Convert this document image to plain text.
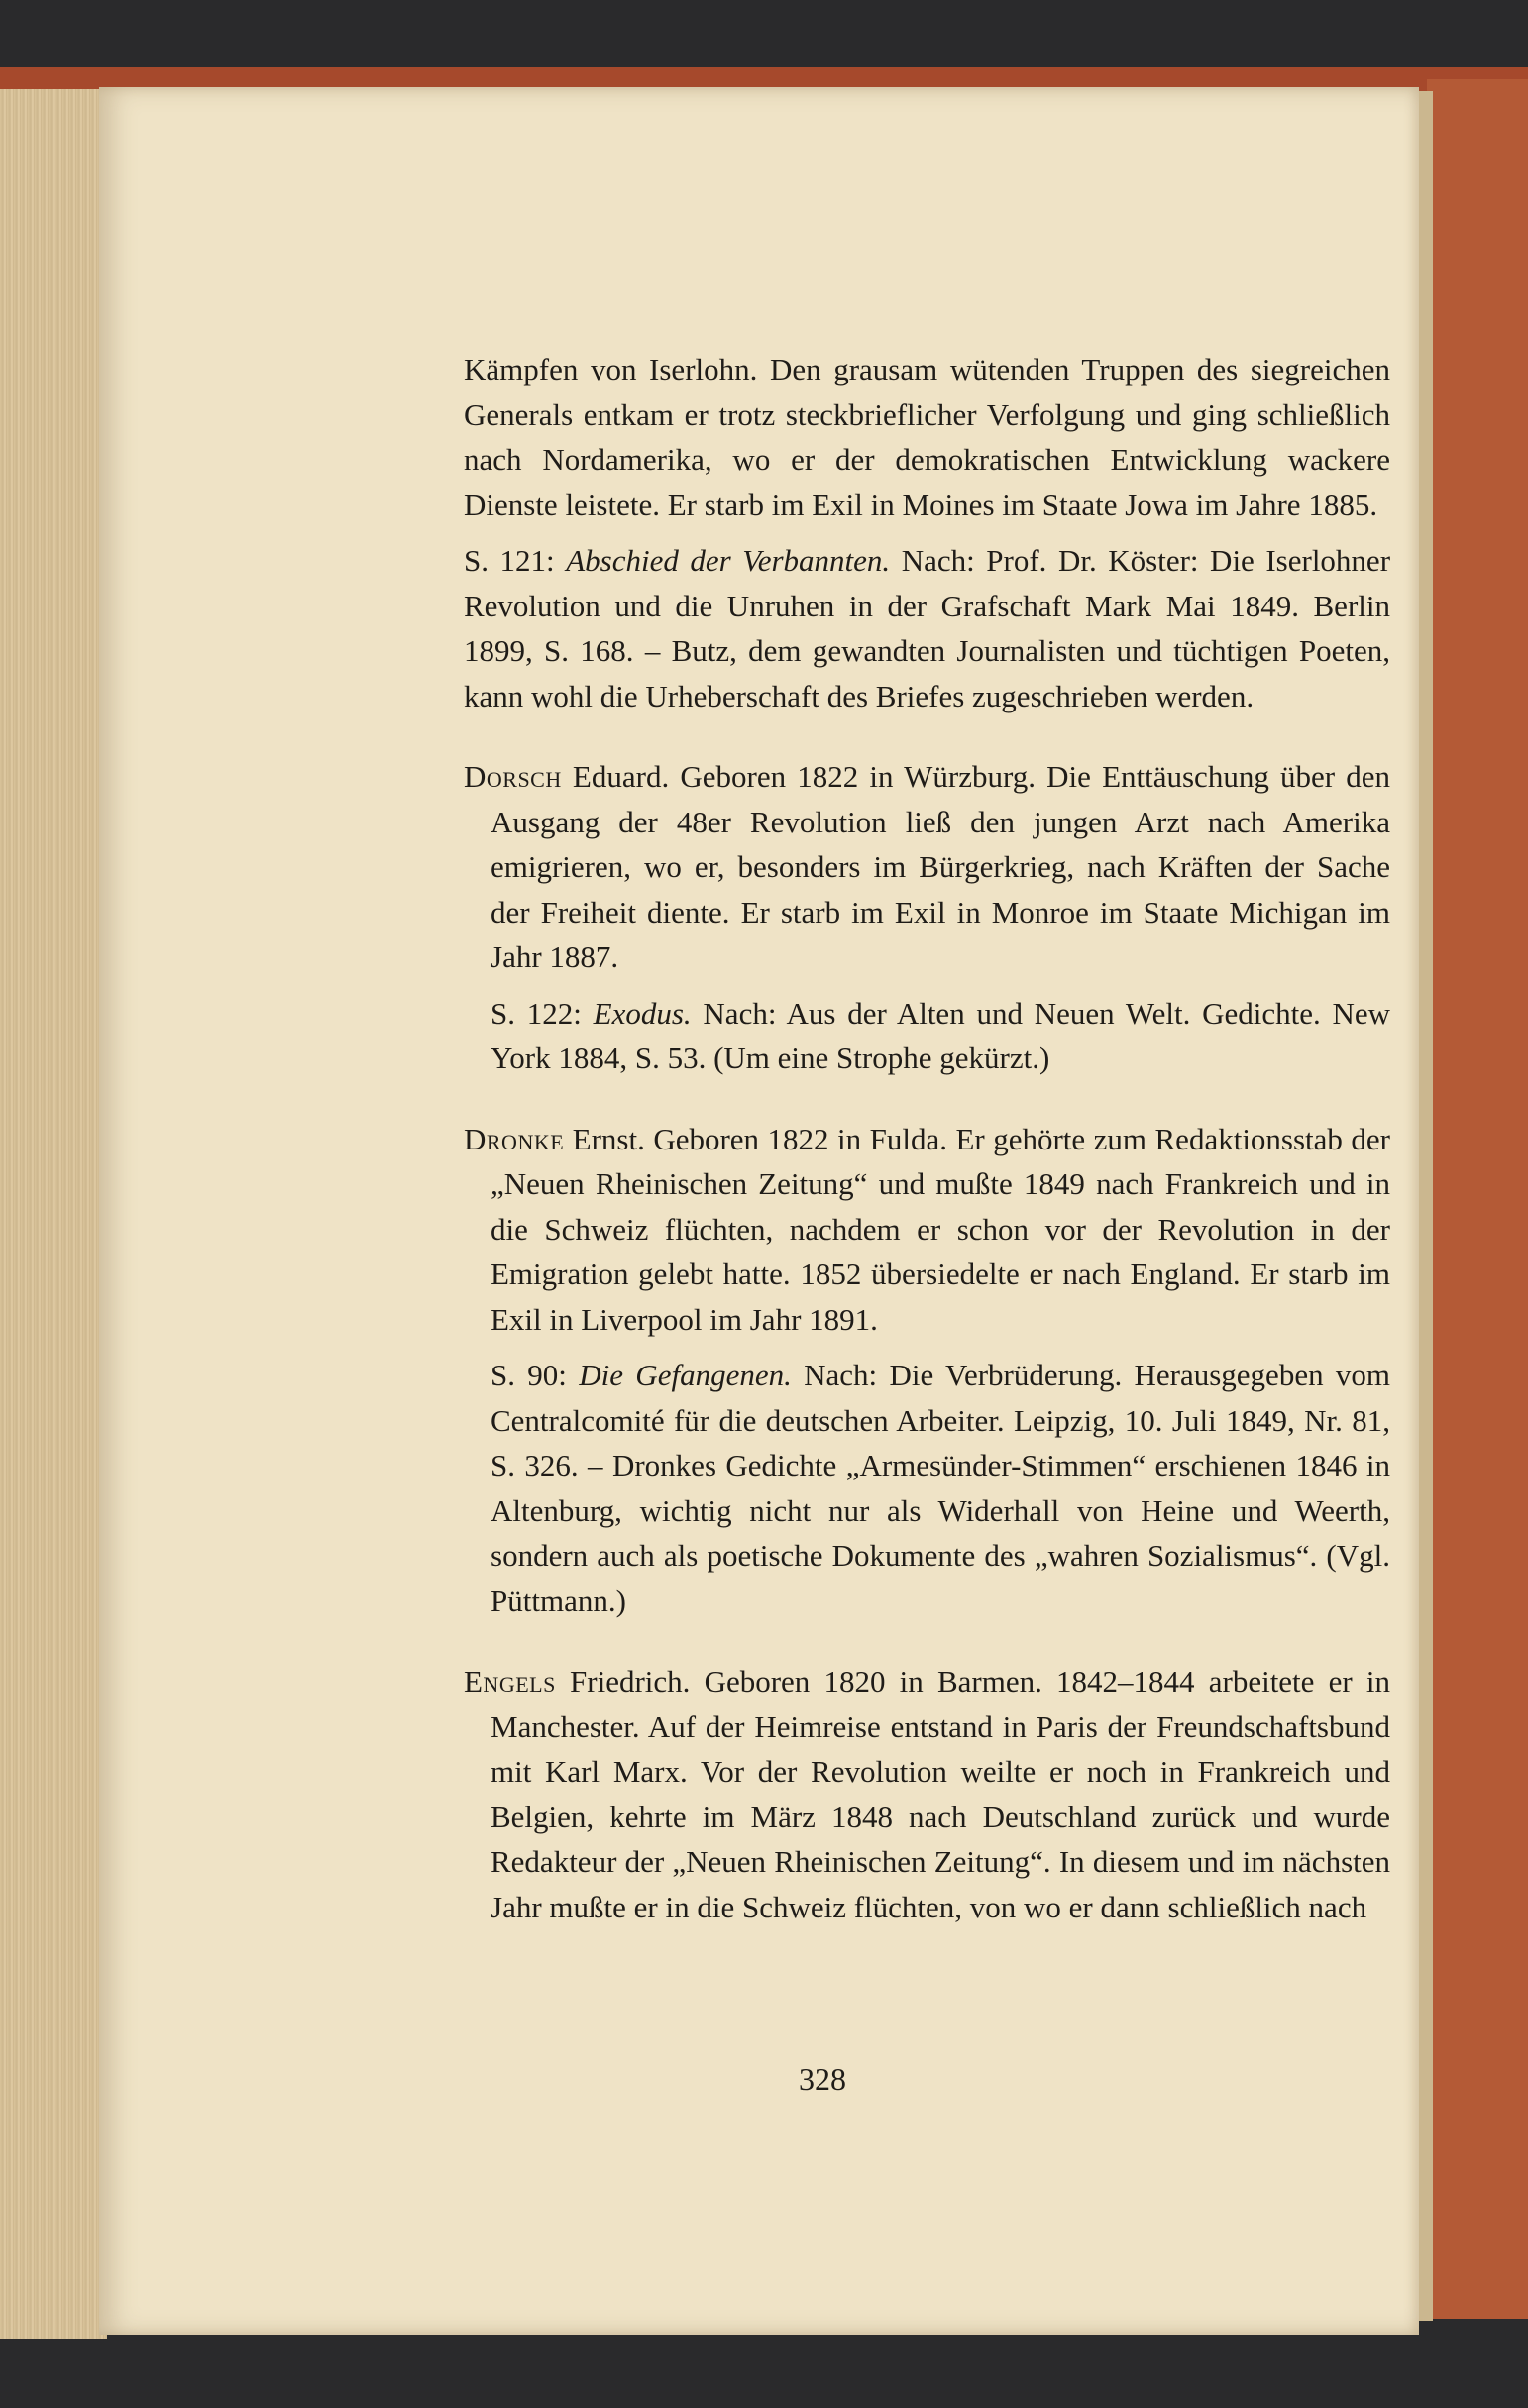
Kämpfen von Iserlohn. Den grausam wütenden Truppen des siegreichen Generals entkam er trotz steckbrieflicher Verfolgung und ging schließlich nach Nordamerika, wo er der demokratischen Entwicklung wackere Dienste leistete. Er starb im Exil in Moines im Staate Jowa im Jahre 1885.

S. 121: Abschied der Verbannten. Nach: Prof. Dr. Köster: Die Iserlohner Revolution und die Unruhen in der Grafschaft Mark Mai 1849. Berlin 1899, S. 168. – Butz, dem gewandten Journalisten und tüchtigen Poeten, kann wohl die Urheberschaft des Briefes zugeschrieben werden.

Dorsch Eduard. Geboren 1822 in Würzburg. Die Enttäuschung über den Ausgang der 48er Revolution ließ den jungen Arzt nach Amerika emigrieren, wo er, besonders im Bürgerkrieg, nach Kräften der Sache der Freiheit diente. Er starb im Exil in Monroe im Staate Michigan im Jahr 1887.

S. 122: Exodus. Nach: Aus der Alten und Neuen Welt. Gedichte. New York 1884, S. 53. (Um eine Strophe gekürzt.)

Dronke Ernst. Geboren 1822 in Fulda. Er gehörte zum Redaktionsstab der „Neuen Rheinischen Zeitung“ und mußte 1849 nach Frankreich und in die Schweiz flüchten, nachdem er schon vor der Revolution in der Emigration gelebt hatte. 1852 übersiedelte er nach England. Er starb im Exil in Liverpool im Jahr 1891.

S. 90: Die Gefangenen. Nach: Die Verbrüderung. Herausgegeben vom Centralcomité für die deutschen Arbeiter. Leipzig, 10. Juli 1849, Nr. 81, S. 326. – Dronkes Gedichte „Armesünder-Stimmen“ erschienen 1846 in Altenburg, wichtig nicht nur als Widerhall von Heine und Weerth, sondern auch als poetische Dokumente des „wahren Sozialismus“. (Vgl. Püttmann.)

Engels Friedrich. Geboren 1820 in Barmen. 1842–1844 arbeitete er in Manchester. Auf der Heimreise entstand in Paris der Freundschaftsbund mit Karl Marx. Vor der Revolution weilte er noch in Frankreich und Belgien, kehrte im März 1848 nach Deutschland zurück und wurde Redakteur der „Neuen Rheinischen Zeitung“. In diesem und im nächsten Jahr mußte er in die Schweiz flüchten, von wo er dann schließlich nach

328
